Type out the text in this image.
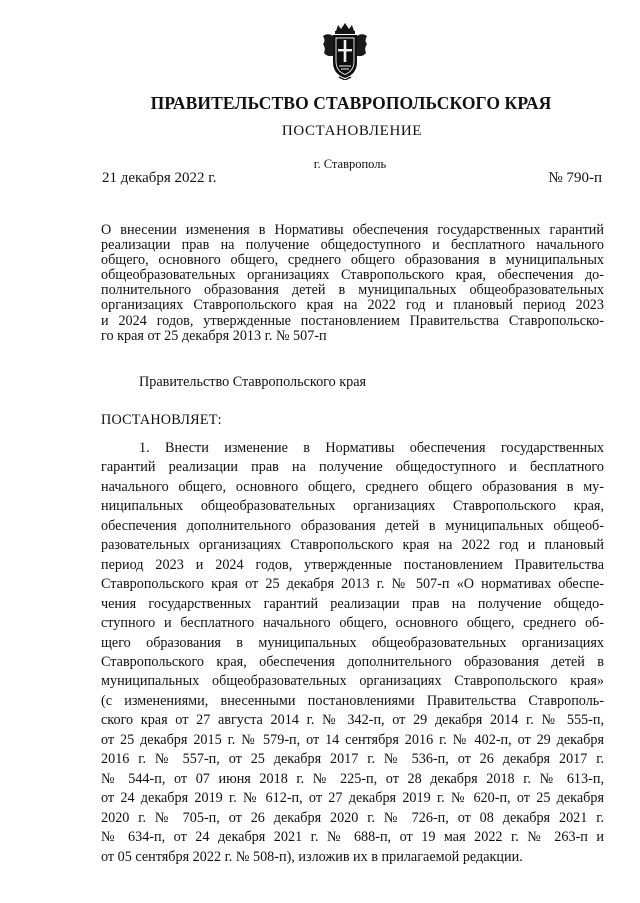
ПРАВИТЕЛЬСТВО СТАВРОПОЛЬСКОГО КРАЯ
ПОСТАНОВЛЕНИЕ
г. Ставрополь
21 декабря 2022 г.	№ 790-п
О внесении изменения в Нормативы обеспечения государственных гарантий
реализации прав на получение общедоступного и бесплатного начального
общего, основного общего, среднего общего образования в муниципальных
общеобразовательных организациях Ставропольского края, обеспечения до-
полнительного образования детей в муниципальных общеобразовательных
организациях Ставропольского края на 2022 год и плановый период 2023
и 2024 годов, утвержденные постановлением Правительства Ставропольско-
го края от 25 декабря 2013 г. № 507-п
Правительство Ставропольского края
ПОСТАНОВЛЯЕТ:
1. Внести изменение в Нормативы обеспечения государственных
гарантий реализации прав на получение общедоступного и бесплатного
начального общего, основного общего, среднего общего образования в му-
ниципальных общеобразовательных организациях Ставропольского края,
обеспечения дополнительного образования детей в муниципальных общеоб-
разовательных организациях Ставропольского края на 2022 год и плановый
период 2023 и 2024 годов, утвержденные постановлением Правительства
Ставропольского края от 25 декабря 2013 г. № 507-п «О нормативах обеспе-
чения государственных гарантий реализации прав на получение общедо-
ступного и бесплатного начального общего, основного общего, среднего об-
щего образования в муниципальных общеобразовательных организациях
Ставропольского края, обеспечения дополнительного образования детей в
муниципальных общеобразовательных организациях Ставропольского края»
(с изменениями, внесенными постановлениями Правительства Ставрополь-
ского края от 27 августа 2014 г. № 342-п, от 29 декабря 2014 г. № 555-п,
от 25 декабря 2015 г. № 579-п, от 14 сентября 2016 г. № 402-п, от 29 декабря
2016 г. № 557-п, от 25 декабря 2017 г. № 536-п, от 26 декабря 2017 г.
№ 544-п, от 07 июня 2018 г. № 225-п, от 28 декабря 2018 г. № 613-п,
от 24 декабря 2019 г. № 612-п, от 27 декабря 2019 г. № 620-п, от 25 декабря
2020 г. № 705-п, от 26 декабря 2020 г. № 726-п, от 08 декабря 2021 г.
№ 634-п, от 24 декабря 2021 г. № 688-п, от 19 мая 2022 г. № 263-п и
от 05 сентября 2022 г. № 508-п), изложив их в прилагаемой редакции.
